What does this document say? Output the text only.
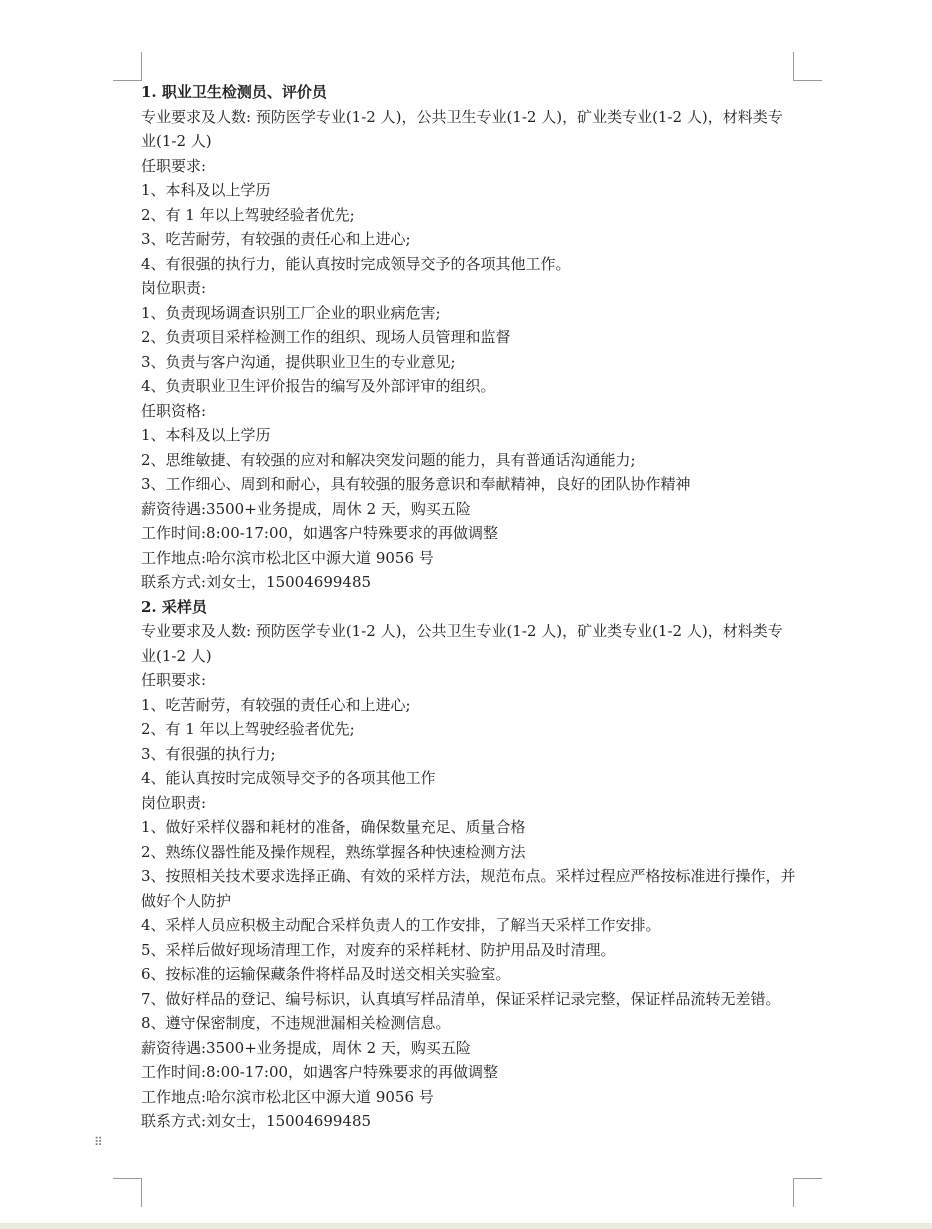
⠿
1. 职业卫生检测员、评价员
专业要求及人数: 预防医学专业(1-2 人)，公共卫生专业(1-2 人)，矿业类专业(1-2 人)，材料类专业(1-2 人)
任职要求:
1、本科及以上学历
2、有 1 年以上驾驶经验者优先;
3、吃苦耐劳，有较强的责任心和上进心;
4、有很强的执行力，能认真按时完成领导交予的各项其他工作。
岗位职责:
1、负责现场调查识别工厂企业的职业病危害;
2、负责项目采样检测工作的组织、现场人员管理和监督
3、负责与客户沟通，提供职业卫生的专业意见;
4、负责职业卫生评价报告的编写及外部评审的组织。
任职资格:
1、本科及以上学历
2、思维敏捷、有较强的应对和解决突发问题的能力，具有普通话沟通能力;
3、工作细心、周到和耐心，具有较强的服务意识和奉献精神，良好的团队协作精神
薪资待遇:3500+业务提成，周休 2 天，购买五险
工作时间:8:00-17:00，如遇客户特殊要求的再做调整
工作地点:哈尔滨市松北区中源大道 9056 号
联系方式:刘女士，15004699485
2. 采样员
专业要求及人数: 预防医学专业(1-2 人)，公共卫生专业(1-2 人)，矿业类专业(1-2 人)，材料类专业(1-2 人)
任职要求:
1、吃苦耐劳，有较强的责任心和上进心;
2、有 1 年以上驾驶经验者优先;
3、有很强的执行力;
4、能认真按时完成领导交予的各项其他工作
岗位职责:
1、做好采样仪器和耗材的准备，确保数量充足、质量合格
2、熟练仪器性能及操作规程，熟练掌握各种快速检测方法
3、按照相关技术要求选择正确、有效的采样方法，规范布点。采样过程应严格按标准进行操作，并做好个人防护
4、采样人员应积极主动配合采样负责人的工作安排，了解当天采样工作安排。
5、采样后做好现场清理工作，对废弃的采样耗材、防护用品及时清理。
6、按标准的运输保藏条件将样品及时送交相关实验室。
7、做好样品的登记、编号标识，认真填写样品清单，保证采样记录完整，保证样品流转无差错。
8、遵守保密制度，不违规泄漏相关检测信息。
薪资待遇:3500+业务提成，周休 2 天，购买五险
工作时间:8:00-17:00，如遇客户特殊要求的再做调整
工作地点:哈尔滨市松北区中源大道 9056 号
联系方式:刘女士，15004699485
